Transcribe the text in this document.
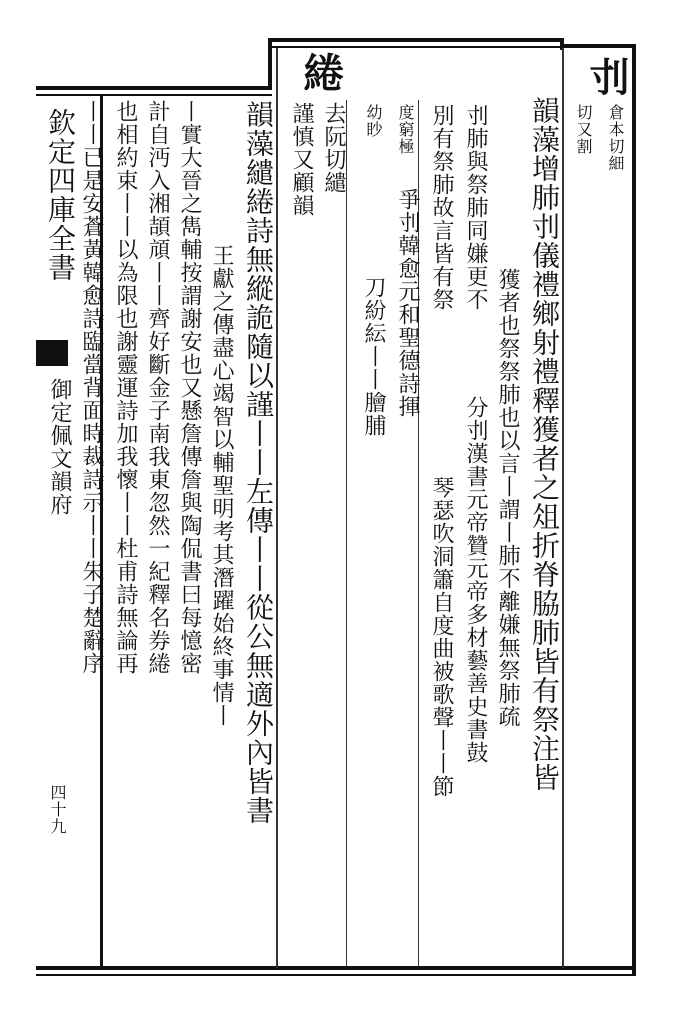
欽定四庫全書
御定佩文韻府
四十九
刌
倉本切細
切又割
韻藻增肺刌儀禮鄉射禮釋獲者之俎折脊脇肺皆有祭注皆
獲者也祭祭肺也以言丨謂丨肺不離嫌無祭肺疏
刌肺與祭肺同嫌更不
別有祭肺故言皆有祭
分刌漢書元帝贊元帝多材藝善史書鼓
琴瑟吹洞簫自度曲被歌聲丨丨節
度窮極
幼眇
爭刌韓愈元和聖德詩揮
刀紛紜丨丨膾脯
綣
去阮切繾
謹慎又顧韻
韻藻繾綣詩無縱詭隨以謹丨丨左傳丨丨從公無適外內皆書
王獻之傳盡心竭智以輔聖明考其潛躍始終事情丨
丨實大晉之雋輔按謂謝安也又懸詹傳詹與陶侃書曰每憶密
計自沔入湘頡頏丨丨齊好斷金子南我東忽然一紀釋名券綣
也相約束丨丨以為限也謝靈運詩加我懷丨丨杜甫詩無論再
丨丨已是安蒼黃韓愈詩臨當背面時裁詩示丨丨朱子楚辭序
